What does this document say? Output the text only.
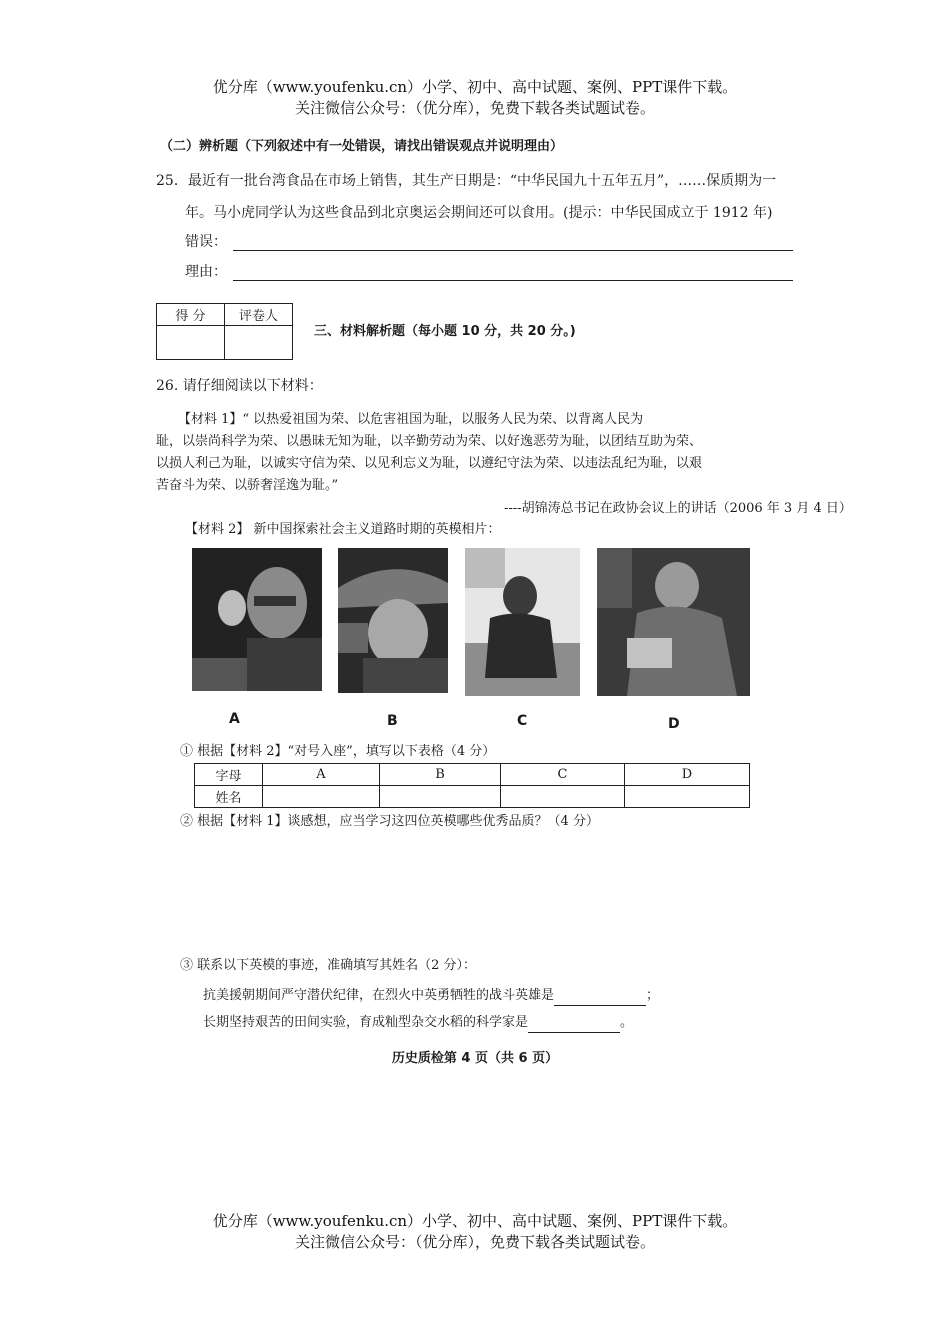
优分库（www.youfenku.cn）小学、初中、高中试题、案例、PPT课件下载。
关注微信公众号：（优分库），免费下载各类试题试卷。
（二）辨析题（下列叙述中有一处错误，请找出错误观点并说明理由）
25．最近有一批台湾食品在市场上销售，其生产日期是：“中华民国九十五年五月”，……保质期为一
年。马小虎同学认为这些食品到北京奥运会期间还可以食用。(提示：中华民国成立于 1912 年)
错误：
理由：
得 分	评卷人

三、材料解析题（每小题 10 分，共 20 分。)
26. 请仔细阅读以下材料：
【材料 1】“ 以热爱祖国为荣、以危害祖国为耻，以服务人民为荣、以背离人民为
耻，以崇尚科学为荣、以愚昧无知为耻，以辛勤劳动为荣、以好逸恶劳为耻，以团结互助为荣、
以损人利己为耻，以诚实守信为荣、以见利忘义为耻，以遵纪守法为荣、以违法乱纪为耻，以艰
苦奋斗为荣、以骄奢淫逸为耻。”
----胡锦涛总书记在政协会议上的讲话（2006 年 3 月 4 日）
【材料 2】 新中国探索社会主义道路时期的英模相片：
A	B	C	D
① 根据【材料 2】“对号入座”，填写以下表格（4 分）
字母	A	B	C	D
姓名				
② 根据【材料 1】谈感想，应当学习这四位英模哪些优秀品质？（4 分）
③ 联系以下英模的事迹，准确填写其姓名（2 分）：
抗美援朝期间严守潜伏纪律，在烈火中英勇牺牲的战斗英雄是	；
长期坚持艰苦的田间实验，育成籼型杂交水稻的科学家是	。
历史质检第 4 页（共 6 页）
优分库（www.youfenku.cn）小学、初中、高中试题、案例、PPT课件下载。
关注微信公众号：（优分库），免费下载各类试题试卷。
